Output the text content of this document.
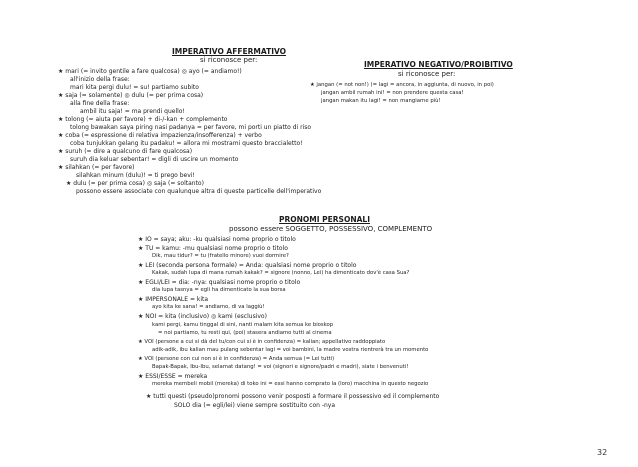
IMPERATIVO AFFERMATIVO
si riconosce per:
★ mari (= invito gentile a fare qualcosa) ◎ ayo (= andiamo!)
all'inizio della frase:
mari kita pergi dulu! = su! partiamo subito
★ saja (= solamente) ◎ dulu (= per prima cosa)
alla fine della frase:
ambil itu saja! = ma prendi quello!
★ tolong (= aiuta per favore) + di-/-kan + complemento
tolong bawakan saya piring nasi padanya = per favore, mi porti un piatto di riso
★ coba (= espressione di relativa impazienza/insofferenza) + verbo
coba tunjukkan gelang itu padaku! = allora mi mostrami questo braccialetto!
★ suruh (= dire a qualcuno di fare qualcosa)
suruh dia keluar sebentar! = digli di uscire un momento
★ silahkan (= per favore)
silahkan minum (dulu)! = ti prego bevi!
★ dulu (= per prima cosa) ◎ saja (= soltanto)
possono essere associate con qualunque altra di queste particelle dell'imperativo
IMPERATIVO NEGATIVO/PROIBITIVO
si riconosce per:
★ jangan (= not non!) (= lagi = ancora, in aggiunta, di nuovo, in poi)
jangan ambil rumah ini! = non prendere questa casa!
jangan makan itu lagi! = non mangiarne più!
PRONOMI PERSONALI
possono essere SOGGETTO, POSSESSIVO, COMPLEMENTO
★ IO = saya; aku: -ku qualsiasi nome proprio o titolo
★ TU = kamu: -mu qualsiasi nome proprio o titolo
Dik, mau tidur? = tu (fratello minore) vuoi dormire?
★ LEI (seconda persona formale) = Anda: qualsiasi nome proprio o titolo
Kakak, sudah lupa di mana rumah kakak? = signore (nonno, Lei) ha dimenticato dov'è casa Sua?
★ EGLI/LEI = dia: -nya: qualsiasi nome proprio o titolo
dia lupa tasnya = egli ha dimenticato la sua borsa
★ IMPERSONALE = kita
ayo kita ke sana! = andiamo, di va laggiù!
★ NOI = kita (inclusivo) ◎ kami (esclusivo)
kami pergi, kamu tinggal di sini, nanti malam kita semua ke bioskop
= noi partiamo, tu resti qui, (poi) stasera andiamo tutti al cinema
★ VOI (persone a cui si dà del tu/con cui si è in confidenza) = kalian; appellativo raddoppiato
adik-adik, ibu kalian mau pulang sebentar lagi = voi bambini, la madre vostra rientrerà tra un momento
★ VOI (persone con cui non si è in confidenza) = Anda semua (= Lei tutti)
Bapak-Bapak, Ibu-Ibu, selamat datang! = voi (signori e signore/padri e madri), siate i benvenuti!
★ ESSI/ESSE = mereka
mereka membeli mobil (mereka) di toko ini = essi hanno comprato la (loro) macchina in questo negozio
★ tutti questi (pseudo)pronomi possono venir posposti a formare il possessivo ed il complemento
SOLO dia (= egli/lei) viene sempre sostituito con -nya
32
